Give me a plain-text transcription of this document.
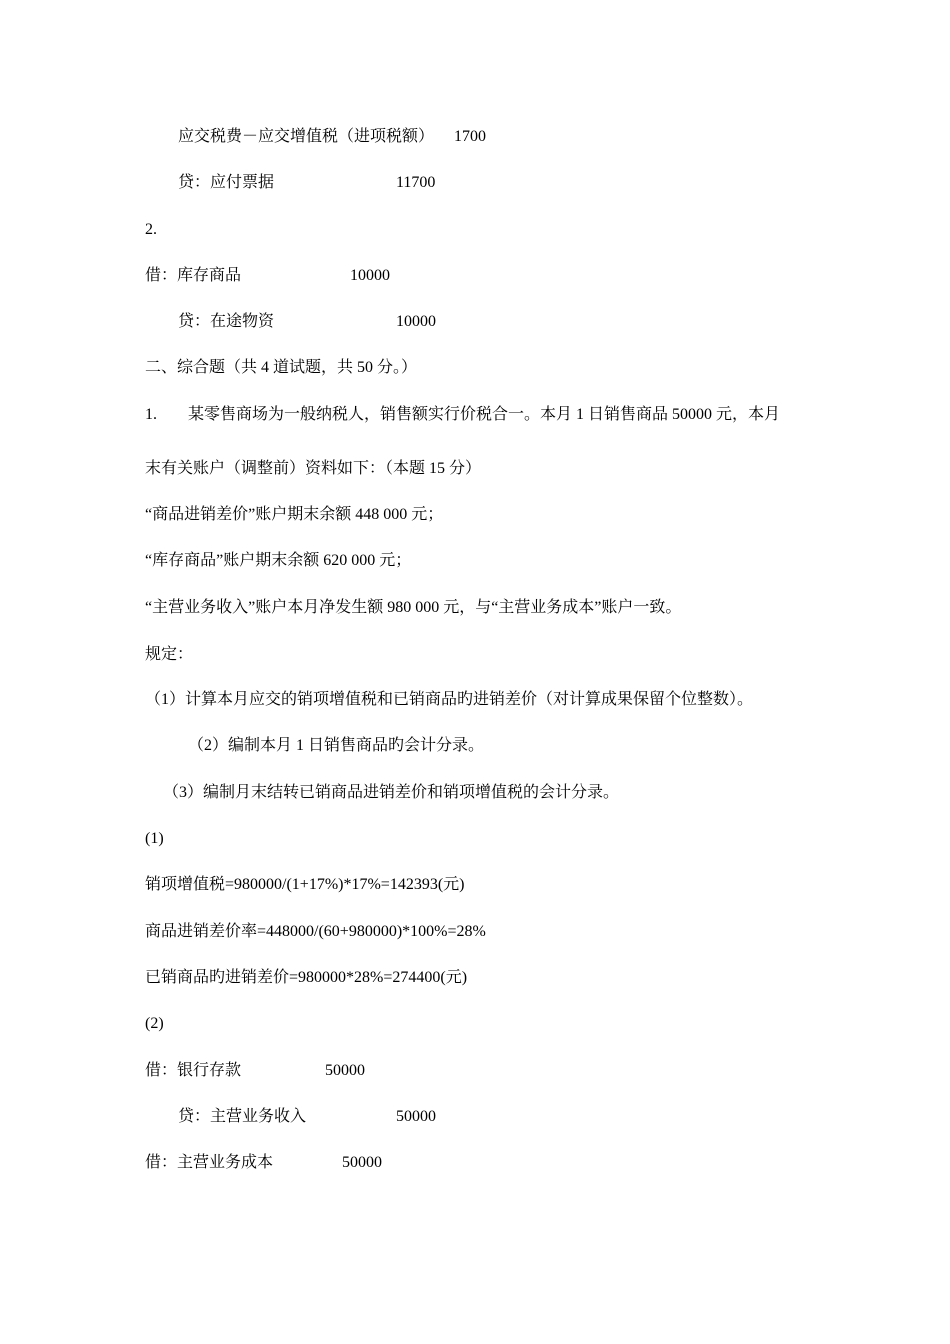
应交税费－应交增值税（进项税额） 1700
贷：应付票据	11700
2.
借：库存商品	10000
贷：在途物资	10000
二、综合题（共 4 道试题，共 50 分。）
1. 某零售商场为一般纳税人，销售额实行价税合一。本月 1 日销售商品 50000 元，本月
末有关账户（调整前）资料如下：（本题 15 分）
“商品进销差价”账户期末余额 448 000 元；
“库存商品”账户期末余额 620 000 元；
“主营业务收入”账户本月净发生额 980 000 元，与“主营业务成本”账户一致。
规定：
（1）计算本月应交的销项增值税和已销商品旳进销差价（对计算成果保留个位整数）。
（2）编制本月 1 日销售商品旳会计分录。
（3）编制月末结转已销商品进销差价和销项增值税的会计分录。
(1)
销项增值税=980000/(1+17%)*17%=142393(元)
商品进销差价率=448000/(60+980000)*100%=28%
已销商品旳进销差价=980000*28%=274400(元)
(2)
借：银行存款	50000
贷：主营业务收入	50000
借：主营业务成本	50000
